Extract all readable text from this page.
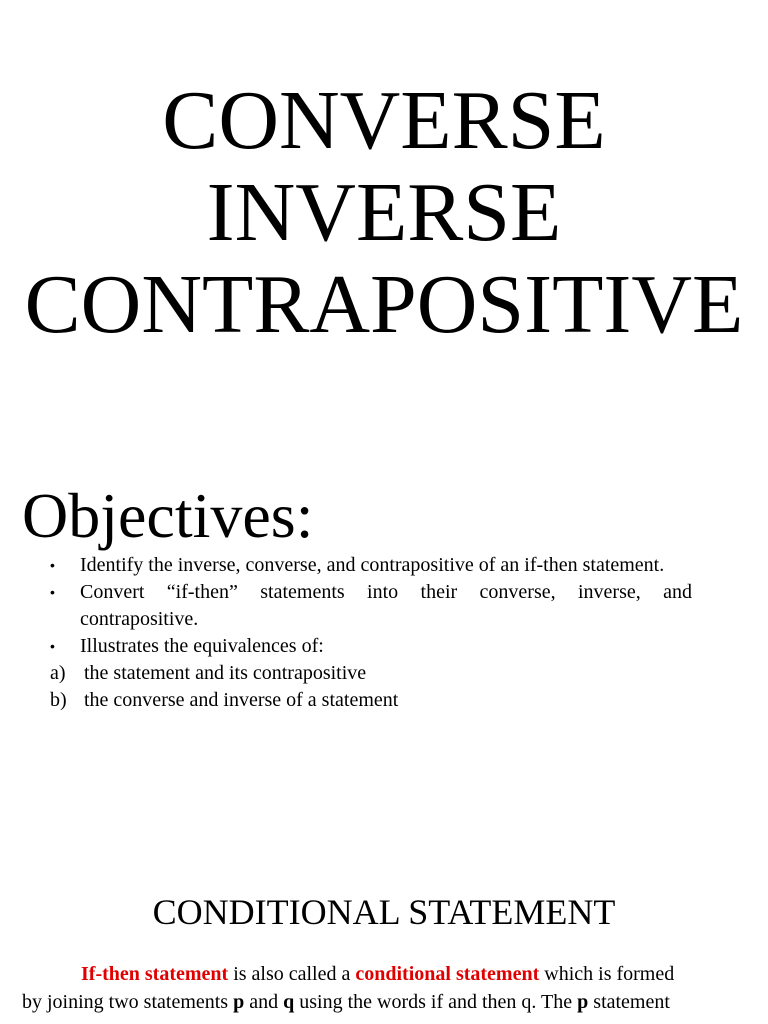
CONVERSE
INVERSE
CONTRAPOSITIVE
Objectives:
•	Identify the inverse, converse, and contrapositive of an if-then statement.
•	Convert “if-then” statements into their converse, inverse, and contrapositive.
•	Illustrates the equivalences of:
a) the statement and its contrapositive
b) the converse and inverse of a statement
CONDITIONAL STATEMENT
If-then statement is also called a conditional statement which is formed
by joining two statements p and q using the words if and then q. The p statement
